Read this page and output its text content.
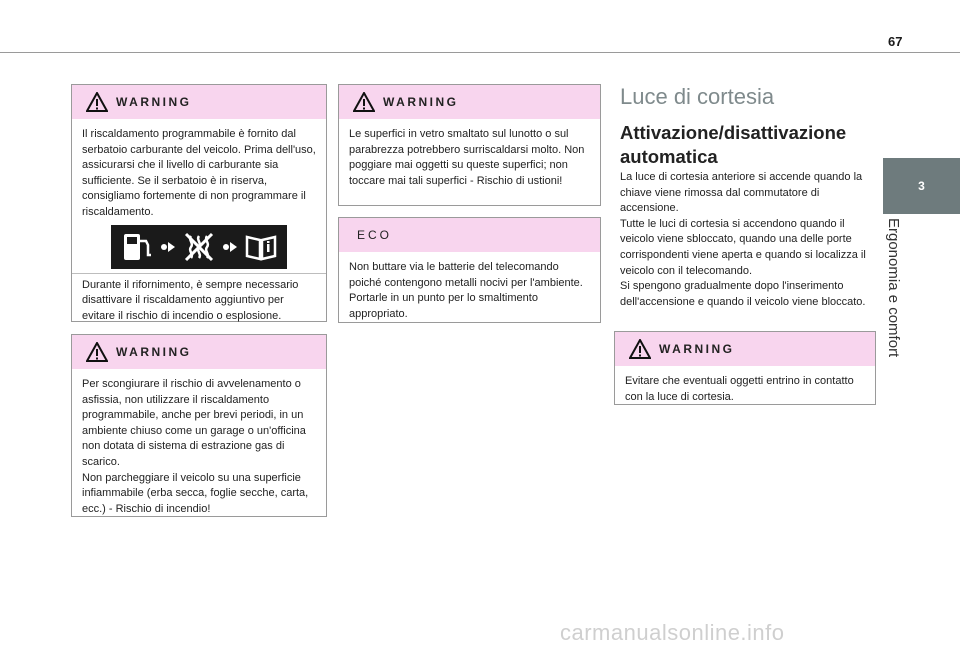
67
3
Ergonomia e comfort
WARNING
Il riscaldamento programmabile è fornito dal serbatoio carburante del veicolo. Prima dell'uso, assicurarsi che il livello di carburante sia sufficiente. Se il serbatoio è in riserva, consigliamo fortemente di non programmare il riscaldamento.
Durante il rifornimento, è sempre necessario disattivare il riscaldamento aggiuntivo per evitare il rischio di incendio o esplosione.
WARNING
Per scongiurare il rischio di avvelenamento o asfissia, non utilizzare il riscaldamento programmabile, anche per brevi periodi, in un ambiente chiuso come un garage o un'officina non dotata di sistema di estrazione gas di scarico.
Non parcheggiare il veicolo su una superficie infiammabile (erba secca, foglie secche, carta, ecc.) - Rischio di incendio!
WARNING
Le superfici in vetro smaltato sul lunotto o sul parabrezza potrebbero surriscaldarsi molto. Non poggiare mai oggetti su queste superfici; non toccare mai tali superfici - Rischio di ustioni!
ECO
Non buttare via le batterie del telecomando poiché contengono metalli nocivi per l'ambiente. Portarle in un punto per lo smaltimento appropriato.
Luce di cortesia
Attivazione/disattivazione automatica
La luce di cortesia anteriore si accende quando la chiave viene rimossa dal commutatore di accensione.
Tutte le luci di cortesia si accendono quando il veicolo viene sbloccato, quando una delle porte corrispondenti viene aperta e quando si localizza il veicolo con il telecomando.
Si spengono gradualmente dopo l'inserimento dell'accensione e quando il veicolo viene bloccato.
WARNING
Evitare che eventuali oggetti entrino in contatto con la luce di cortesia.
carmanualsonline.info
